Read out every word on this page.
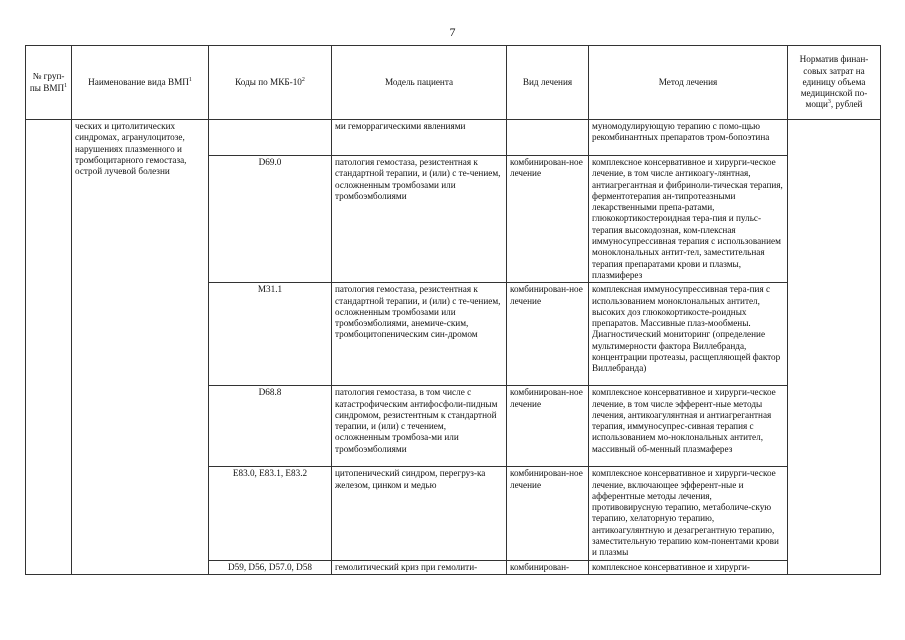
7
№ груп-пы ВМП$^1$	Наименование вида ВМП$^1$	Коды по МКБ-$10^2$	Модель пациента	Вид лечения	Метод лечения	Норматив финан-совых затрат на единицу объема медицинской по-мощи$^3$, рублей
	ческих и цитолитических синдромах, агранулоцитозе, нарушениях плазменного и тромбоцитарного гемостаза, острой лучевой болезни		ми геморрагическими явлениями		муномодулирующую терапию с помо-щью рекомбинантных препаратов тром-бопоэтина	
		D69.0	патология гемостаза, резистентная к стандартной терапии, и (или) с те-чением, осложненным тромбозами или тромбоэмболиями	комбинирован-ное лечение	комплексное консервативное и хирурги-ческое лечение, в том числе антикоагу-лянтная, антиагрегантная и фибриноли-тическая терапия, ферментотерапия ан-типротеазными лекарственными препа-ратами, глюкокортикостероидная тера-пия и пульс-терапия высокодозная, ком-плексная иммуносупрессивная терапия с использованием моноклональных антит-тел, заместительная терапия препаратами крови и плазмы, плазмиферез	
		M31.1	патология гемостаза, резистентная к стандартной терапии, и (или) с те-чением, осложненным тромбозами или тромбоэмболиями, анемиче-ским, тромбоцитопеническим син-дромом	комбинирован-ное лечение	комплексная иммуносупрессивная тера-пия с использованием моноклональных антител, высоких доз глюкокортикосте-роидных препаратов. Массивные плаз-мообмены. Диагностический мониторинг (определение мультимерности фактора Виллебранда, концентрации протеазы, расщепляющей фактор Виллебранда)	
		D68.8	патология гемостаза, в том числе с катастрофическим антифосфоли-пидным синдромом, резистентным к стандартной терапии, и (или) с течением, осложненным тромбоза-ми или тромбоэмболиями	комбинирован-ное лечение	комплексное консервативное и хирурги-ческое лечение, в том числе эфферент-ные методы лечения, антикоагулянтная и антиагрегантная терапия, иммуносупрес-сивная терапия с использованием мо-ноклональных антител, массивный об-менный плазмаферез	
		E83.0, E83.1, E83.2	цитопенический синдром, перегруз-ка железом, цинком и медью	комбинирован-ное лечение	комплексное консервативное и хирурги-ческое лечение, включающее эфферент-ные и афферентные методы лечения, противовирусную терапию, метаболиче-скую терапию, хелаторную терапию, антикоагулянтную и дезагрегантную терапию, заместительную терапию ком-понентами крови и плазмы	
		D59, D56, D57.0, D58	гемолитический криз при гемолити-	комбинирован-	комплексное консервативное и хирурги-	
